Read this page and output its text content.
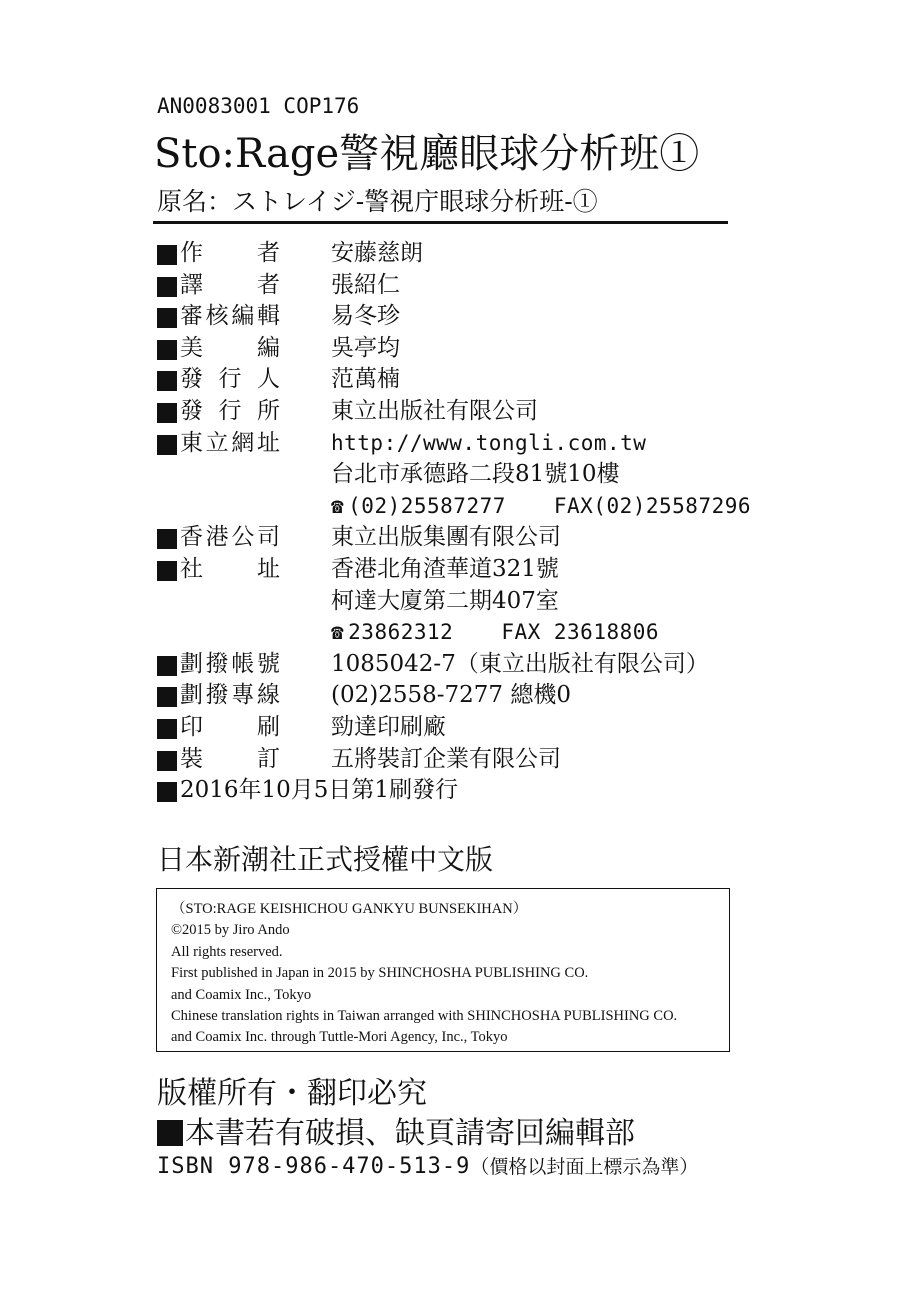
AN0083001 COP176
Sto:Rage警視廳眼球分析班①
原名：ストレイジ-警視庁眼球分析班-①
作　者 安藤慈朗
譯　者 張紹仁
審核編輯 易冬珍
美　編 吳亭均
發行人 范萬楠
發行所 東立出版社有限公司
東立網址 http://www.tongli.com.tw
台北市承德路二段81號10樓
☎ (02)25587277 FAX(02)25587296
香港公司 東立出版集團有限公司
社　址 香港北角渣華道321號
柯達大廈第二期407室
☎ 23862312 FAX 23618806
劃撥帳號 1085042-7（東立出版社有限公司）
劃撥專線 (02)2558-7277 總機0
印　刷 勁達印刷廠
裝　訂 五將裝訂企業有限公司
2016年10月5日第1刷發行
日本新潮社正式授權中文版
（STO:RAGE KEISHICHOU GANKYU BUNSEKIHAN）
©2015 by Jiro Ando
All rights reserved.
First published in Japan in 2015 by SHINCHOSHA PUBLISHING CO.
and Coamix Inc., Tokyo
Chinese translation rights in Taiwan arranged with SHINCHOSHA PUBLISHING CO.
and Coamix Inc. through Tuttle-Mori Agency, Inc., Tokyo
版權所有・翻印必究
本書若有破損、缺頁請寄回編輯部
ISBN 978-986-470-513-9（價格以封面上標示為準）
